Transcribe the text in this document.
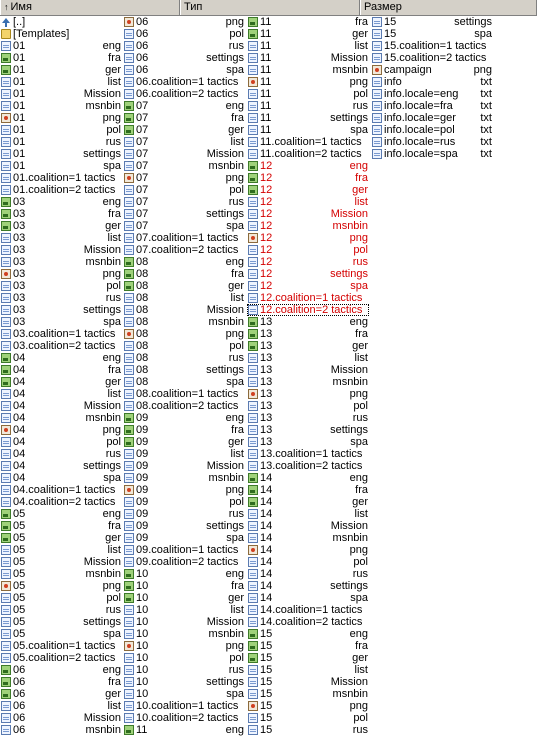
↑ Имя	Тип	Размер
[..]
[Templates]
01	eng
01	fra
01	ger
01	list
01	Mission
01	msnbin
01	png
01	pol
01	rus
01	settings
01	spa
01.coalition=1 tactics
01.coalition=2 tactics
03	eng
03	fra
03	ger
03	list
03	Mission
03	msnbin
03	png
03	pol
03	rus
03	settings
03	spa
03.coalition=1 tactics
03.coalition=2 tactics
04	eng
04	fra
04	ger
04	list
04	Mission
04	msnbin
04	png
04	pol
04	rus
04	settings
04	spa
04.coalition=1 tactics
04.coalition=2 tactics
05	eng
05	fra
05	ger
05	list
05	Mission
05	msnbin
05	png
05	pol
05	rus
05	settings
05	spa
05.coalition=1 tactics
05.coalition=2 tactics
06	eng
06	fra
06	ger
06	list
06	Mission
06	msnbin
06	png
06	pol
06	rus
06	settings
06	spa
06.coalition=1 tactics
06.coalition=2 tactics
07	eng
07	fra
07	ger
07	list
07	Mission
07	msnbin
07	png
07	pol
07	rus
07	settings
07	spa
07.coalition=1 tactics
07.coalition=2 tactics
08	eng
08	fra
08	ger
08	list
08	Mission
08	msnbin
08	png
08	pol
08	rus
08	settings
08	spa
08.coalition=1 tactics
08.coalition=2 tactics
09	eng
09	fra
09	ger
09	list
09	Mission
09	msnbin
09	png
09	pol
09	rus
09	settings
09	spa
09.coalition=1 tactics
09.coalition=2 tactics
10	eng
10	fra
10	ger
10	list
10	Mission
10	msnbin
10	png
10	pol
10	rus
10	settings
10	spa
10.coalition=1 tactics
10.coalition=2 tactics
11	eng
11	fra
11	ger
11	list
11	Mission
11	msnbin
11	png
11	pol
11	rus
11	settings
11	spa
11.coalition=1 tactics
11.coalition=2 tactics
12	eng
12	fra
12	ger
12	list
12	Mission
12	msnbin
12	png
12	pol
12	rus
12	settings
12	spa
12.coalition=1 tactics
12.coalition=2 tactics
13	eng
13	fra
13	ger
13	list
13	Mission
13	msnbin
13	png
13	pol
13	rus
13	settings
13	spa
13.coalition=1 tactics
13.coalition=2 tactics
14	eng
14	fra
14	ger
14	list
14	Mission
14	msnbin
14	png
14	pol
14	rus
14	settings
14	spa
14.coalition=1 tactics
14.coalition=2 tactics
15	eng
15	fra
15	ger
15	list
15	Mission
15	msnbin
15	png
15	pol
15	rus
15	settings
15	spa
15.coalition=1 tactics
15.coalition=2 tactics
campaign	png
info	txt
info.locale=eng	txt
info.locale=fra	txt
info.locale=ger	txt
info.locale=pol	txt
info.locale=rus	txt
info.locale=spa	txt
